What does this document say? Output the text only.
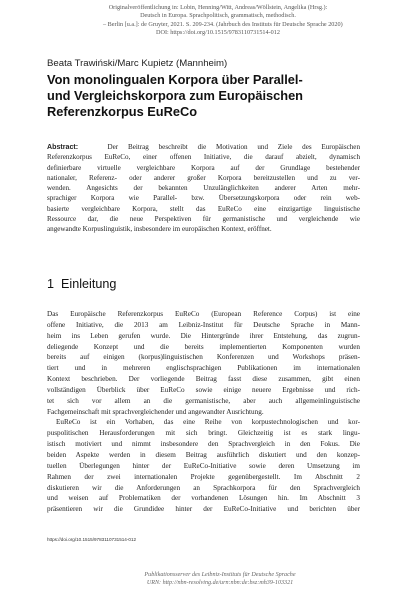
Originalveröffentlichung in: Lobin, Henning/Witt, Andreas/Wöllstein, Angelika (Hrsg.):
Deutsch in Europa. Sprachpolitisch, grammatisch, methodisch.
– Berlin [u.a.]: de Gruyter, 2021. S. 209-234. (Jahrbuch des Instituts für Deutsche Sprache 2020)
DOI: https://doi.org/10.1515/9783110731514-012
Beata Trawiński/Marc Kupietz (Mannheim)
Von monolingualen Korpora über Parallel-
und Vergleichskorpora zum Europäischen
Referenzkorpus EuReCo
Abstract:	Der Beitrag beschreibt die Motivation und Ziele des Europäischen
Referenzkorpus EuReCo, einer offenen Initiative, die darauf abzielt, dynamisch
definierbare virtuelle vergleichbare Korpora auf der Grundlage bestehender
nationaler, Referenz- oder anderer großer Korpora bereitzustellen und zu ver-
wenden. Angesichts der bekannten Unzulänglichkeiten anderer Arten mehr-
sprachiger Korpora wie Parallel- bzw. Übersetzungskorpora oder rein web-
basierte vergleichbare Korpora, stellt das EuReCo eine einzigartige linguistische
Ressource dar, die neue Perspektiven für germanistische und vergleichende wie
angewandte Korpuslinguistik, insbesondere im europäischen Kontext, eröffnet.
1 Einleitung
Das Europäische Referenzkorpus EuReCo (European Reference Corpus) ist eine
offene Initiative, die 2013 am Leibniz-Institut für Deutsche Sprache in Mann-
heim ins Leben gerufen wurde. Die Hintergründe ihrer Entstehung, das zugrun-
deliegende Konzept und die bereits implementierten Komponenten wurden
bereits auf einigen (korpus)linguistischen Konferenzen und Workshops präsen-
tiert und in mehreren englischsprachigen Publikationen im internationalen
Kontext beschrieben. Der vorliegende Beitrag fasst diese zusammen, gibt einen
vollständigen Überblick über EuReCo sowie einige neuere Ergebnisse und rich-
tet sich vor allem an die germanistische, aber auch allgemeinlinguistische
Fachgemeinschaft mit sprachvergleichender und angewandter Ausrichtung.
EuReCo ist ein Vorhaben, das eine Reihe von korpustechnologischen und kor-
puspolitischen Herausforderungen mit sich bringt. Gleichzeitig ist es stark lingu-
istisch motiviert und nimmt insbesondere den Sprachvergleich in den Fokus. Die
beiden Aspekte werden in diesem Beitrag ausführlich diskutiert und den konzep-
tuellen Überlegungen hinter der EuReCo-Initiative sowie deren Umsetzung im
Rahmen der zwei internationalen Projekte gegenübergestellt. Im Abschnitt 2
diskutieren wir die Anforderungen an Sprachkorpora für den Sprachvergleich
und weisen auf Problematiken der vorhandenen Lösungen hin. Im Abschnitt 3
präsentieren wir die Grundidee hinter der EuReCo-Initiative und berichten über
https://doi.org/10.1515/9783110731514-012
Publikationsserver des Leibniz-Instituts für Deutsche Sprache
URN: http://nbn-resolving.de/urn:nbn:de:bsz:mh39-103321
